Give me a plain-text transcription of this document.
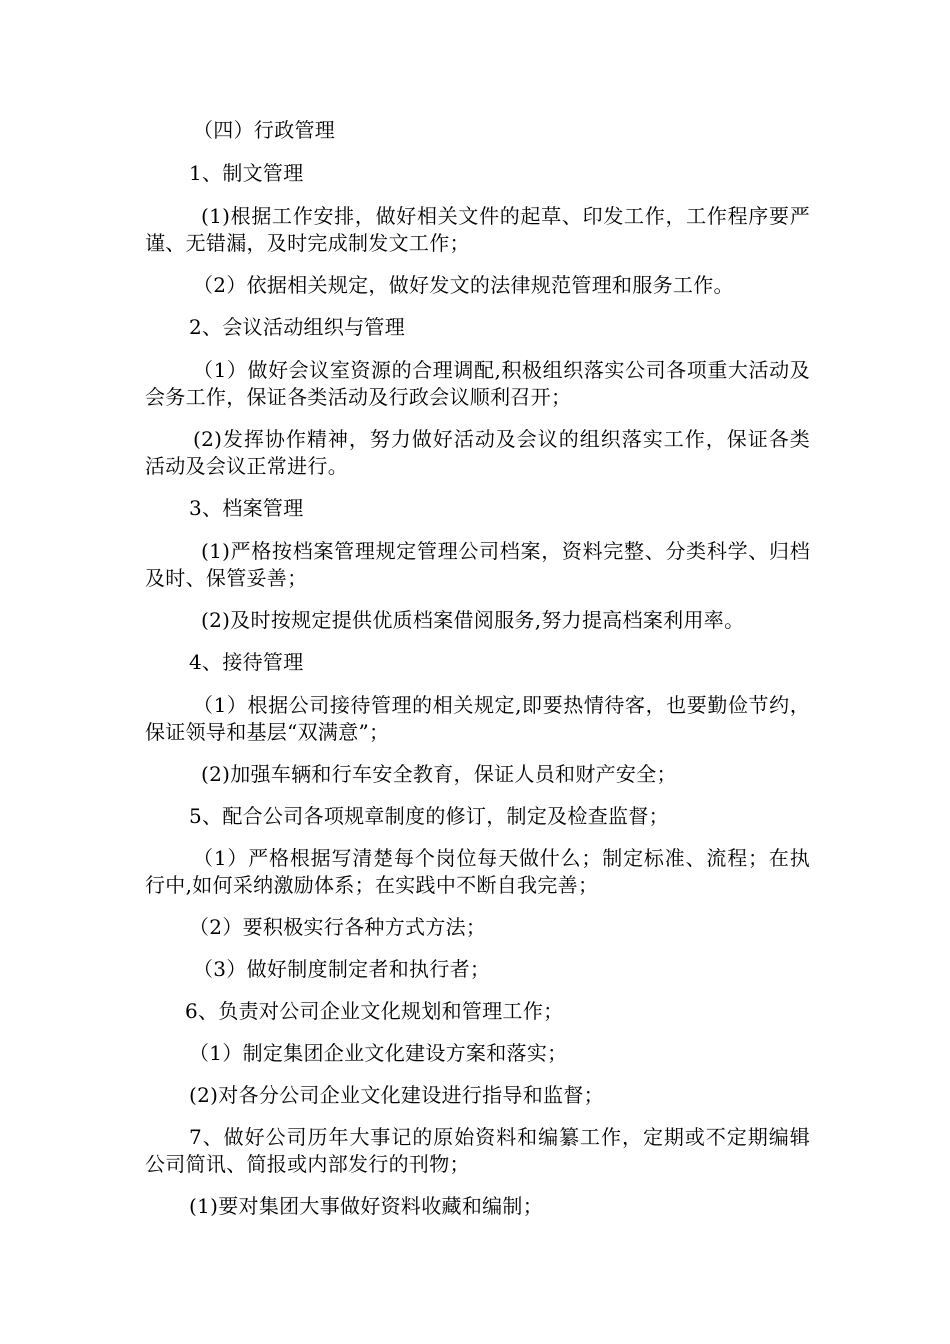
（四）行政管理

1、制文管理

(1)根据工作安排，做好相关文件的起草、印发工作，工作程序要严谨、无错漏，及时完成制发文工作；

（2）依据相关规定，做好发文的法律规范管理和服务工作。

2、会议活动组织与管理

（1）做好会议室资源的合理调配,积极组织落实公司各项重大活动及会务工作，保证各类活动及行政会议顺利召开；

(2)发挥协作精神，努力做好活动及会议的组织落实工作，保证各类活动及会议正常进行。

3、档案管理

(1)严格按档案管理规定管理公司档案，资料完整、分类科学、归档及时、保管妥善；

(2)及时按规定提供优质档案借阅服务,努力提高档案利用率。

4、接待管理

（1）根据公司接待管理的相关规定,即要热情待客，也要勤俭节约，保证领导和基层“双满意”；

(2)加强车辆和行车安全教育，保证人员和财产安全；

5、配合公司各项规章制度的修订，制定及检查监督；

（1）严格根据写清楚每个岗位每天做什么；制定标准、流程；在执行中,如何采纳激励体系；在实践中不断自我完善；

（2）要积极实行各种方式方法；

（3）做好制度制定者和执行者；

6、负责对公司企业文化规划和管理工作；

（1）制定集团企业文化建设方案和落实；

(2)对各分公司企业文化建设进行指导和监督；

7、做好公司历年大事记的原始资料和编纂工作，定期或不定期编辑公司简讯、简报或内部发行的刊物；

(1)要对集团大事做好资料收藏和编制；
